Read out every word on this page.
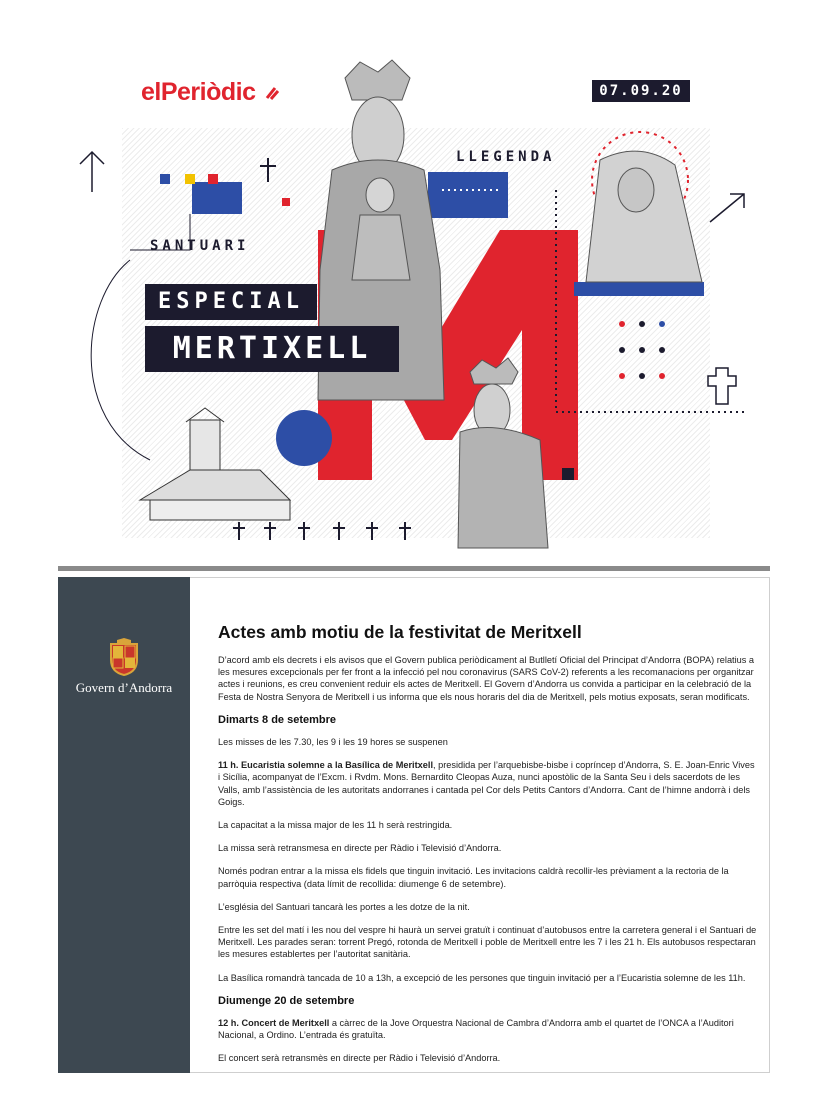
elPeriòdic	07.09.20
SANTUARI
LLEGENDA
ESPECIAL
MERTIXELL
Govern d’Andorra
Actes amb motiu de la festivitat de Meritxell

D’acord amb els decrets i els avisos que el Govern publica periòdicament al Butlletí Oficial del Principat d’Andorra (BOPA) relatius a les mesures excepcionals per fer front a la infecció pel nou coronavirus (SARS CoV-2) referents a les recomanacions per organitzar actes i reunions, es creu convenient reduir els actes de Meritxell. El Govern d’Andorra us convida a participar en la celebració de la Festa de Nostra Senyora de Meritxell i us informa que els nous horaris del dia de Meritxell, pels motius exposats, seran modificats.

Dimarts 8 de setembre

Les misses de les 7.30, les 9 i les 19 hores se suspenen

11 h. Eucaristia solemne a la Basílica de Meritxell, presidida per l’arquebisbe-bisbe i copríncep d’Andorra, S. E. Joan-Enric Vives i Sicília, acompanyat de l’Excm. i Rvdm. Mons. Bernardito Cleopas Auza, nunci apostòlic de la Santa Seu i dels sacerdots de les Valls, amb l’assistència de les autoritats andorranes i cantada pel Cor dels Petits Cantors d’Andorra. Cant de l’himne andorrà i dels Goigs.

La capacitat a la missa major de les 11 h serà restringida.

La missa serà retransmesa en directe per Ràdio i Televisió d’Andorra.

Només podran entrar a la missa els fidels que tinguin invitació. Les invitacions caldrà recollir-les prèviament a la rectoria de la parròquia respectiva (data límit de recollida: diumenge 6 de setembre).

L’església del Santuari tancarà les portes a les dotze de la nit.

Entre les set del matí i les nou del vespre hi haurà un servei gratuït i continuat d’autobusos entre la carretera general i el Santuari de Meritxell. Les parades seran: torrent Pregó, rotonda de Meritxell i poble de Meritxell entre les 7 i les 21 h. Els autobusos respectaran les mesures establertes per l’autoritat sanitària.

La Basílica romandrà tancada de 10 a 13h, a excepció de les persones que tinguin invitació per a l’Eucaristia solemne de les 11h.

Diumenge 20 de setembre

12 h. Concert de Meritxell a càrrec de la Jove Orquestra Nacional de Cambra d’Andorra amb el quartet de l’ONCA a l’Auditori Nacional, a Ordino. L’entrada és gratuïta.

El concert serà retransmès en directe per Ràdio i Televisió d’Andorra.
